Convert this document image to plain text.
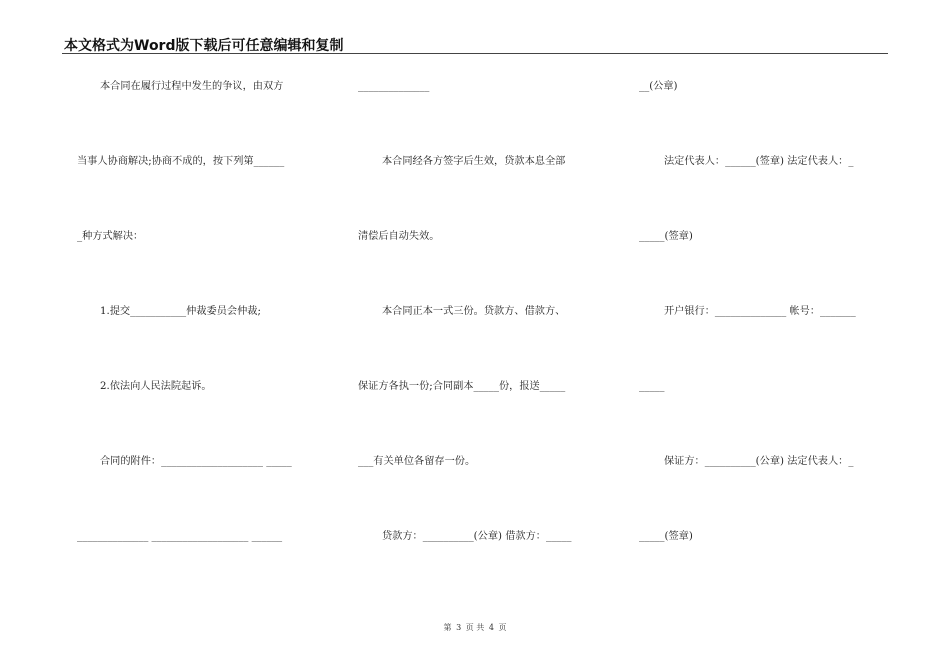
本文格式为Word版下载后可任意编辑和复制
本合同在履行过程中发生的争议，由双方
当事人协商解决;协商不成的，按下列第______
_种方式解决：
1.提交___________仲裁委员会仲裁;
2.依法向人民法院起诉。
合同的附件：____________________ _____
______________ ___________________ ______
______________
本合同经各方签字后生效，贷款本息全部
清偿后自动失效。
本合同正本一式三份。贷款方、借款方、
保证方各执一份;合同副本_____份，报送_____
___有关单位各留存一份。
贷款方：__________(公章) 借款方：_____
__(公章)
法定代表人：______(签章) 法定代表人：_
_____(签章)
开户银行：______________ 帐号：_______
_____
保证方：__________(公章) 法定代表人：_
_____(签章)
第 3 页 共 4 页
